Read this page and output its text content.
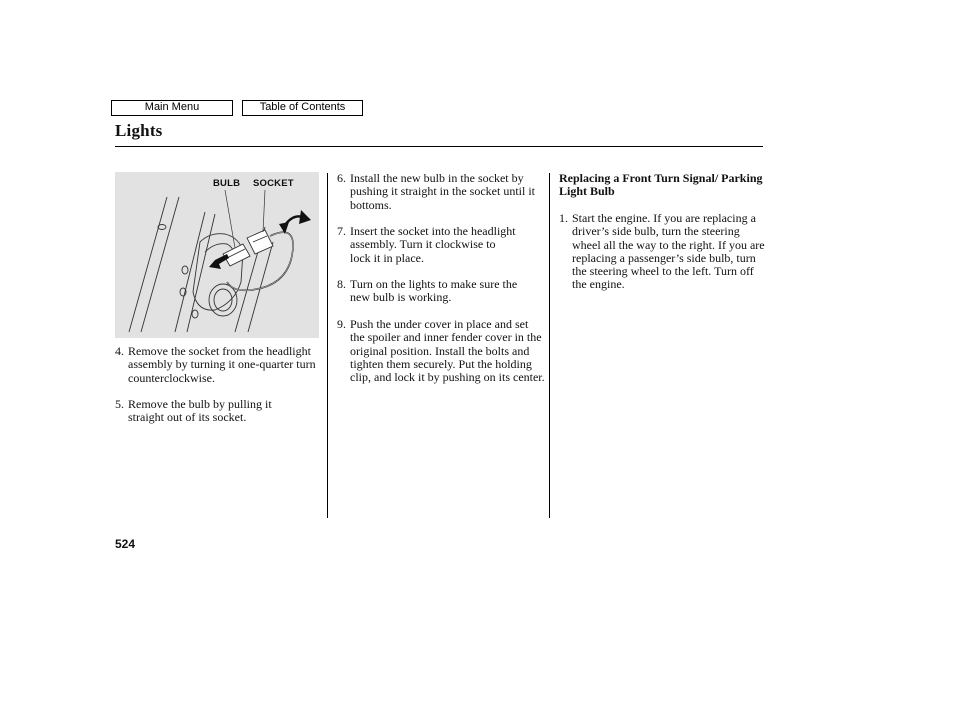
Main Menu	Table of Contents
Lights
BULB SOCKET
4. Remove the socket from the headlight assembly by turning it one-quarter turn counterclockwise.
5. Remove the bulb by pulling it straight out of its socket.
6. Install the new bulb in the socket by pushing it straight in the socket until it bottoms.
7. Insert the socket into the headlight assembly. Turn it clockwise to lock it in place.
8. Turn on the lights to make sure the new bulb is working.
9. Push the under cover in place and set the spoiler and inner fender cover in the original position. Install the bolts and tighten them securely. Put the holding clip, and lock it by pushing on its center.
Replacing a Front Turn Signal/ Parking Light Bulb
1. Start the engine. If you are replacing a driver’s side bulb, turn the steering wheel all the way to the right. If you are replacing a passenger’s side bulb, turn the steering wheel to the left. Turn off the engine.
524
